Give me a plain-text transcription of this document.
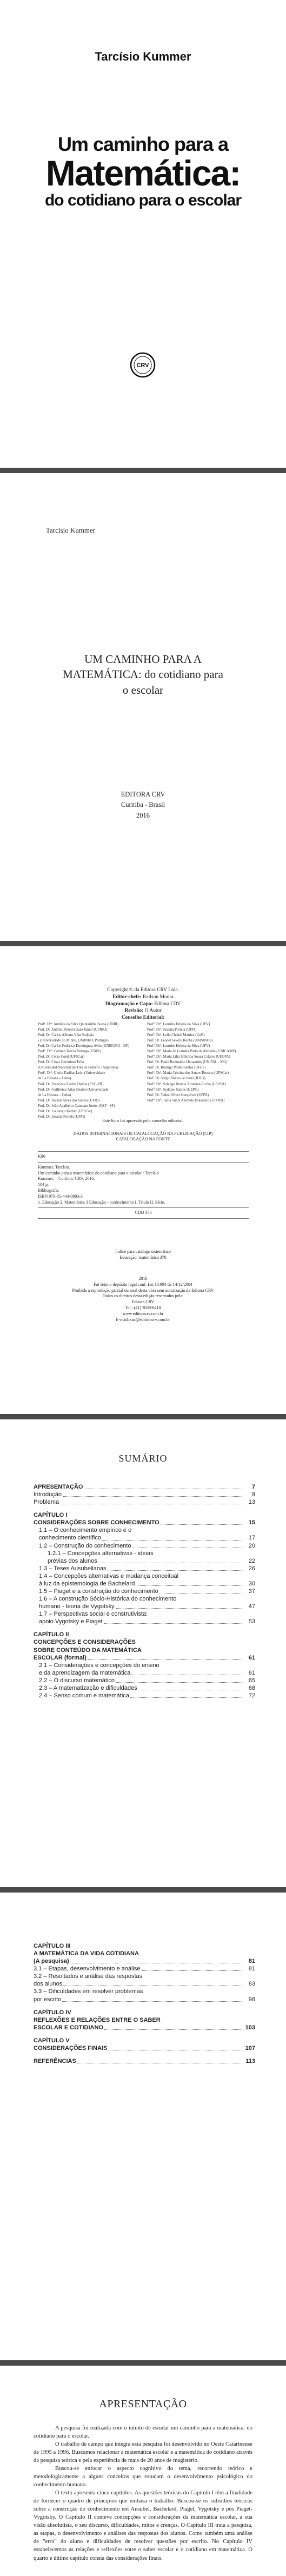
Tarcísio Kummer
Um caminho para a
Matemática:
do cotidiano para o escolar
CRV
Tarcísio Kummer
UM CAMINHO PARA A
MATEMÁTICA: do cotidiano para
o escolar
EDITORA CRV
Curitiba - Brasil
2016
Copyright © da Editora CRV Ltda.
Editor-chefe: Railson Moura
Diagramação e Capa: Editora CRV
Revisão: O Autor
Conselho Editorial:
Profª. Drª. Andréia da Silva Quintanilha Sousa (UNIR)
Prof. Dr. Antônio Pereira Gaio Júnior (UFRRJ)
Prof. Dr. Carlos Alberto Vilar Estêvão
- (Universidade do Minho, UMINHO, Portugal)
Prof. Dr. Carlos Federico Dominguez Avila (UNIEURO - DF)
Profª. Drª. Carmen Tereza Velanga (UNIR)
Prof. Dr. Celso Conti (UFSCar)
Prof. Dr. Cesar Gerónimo Tello
(Universidad Nacional de Três de Febrero - Argentina)
Profª. Drª. Gloria Fariñas León (Universidade
de La Havana – Cuba)
Prof. Dr. Francisco Carlos Duarte (PUC-PR)
Prof. Dr. Guillermo Arias Beatón (Universidade
de La Havana – Cuba)
Prof. Dr. Jailson Alves dos Santos (UFRJ)
Prof. Dr. João Adalberto Campato Junior (FAP - SP)
Prof. Dr. Lourenço Kerber (UFSCar)
Prof. Dr. Josania Portela (UFPI)
Profª. Drª. Lourdes Helena da Silva (UFV)
Profª. Drª. Josania Portela (UFPI)
Profª. Drª. Leila Chalub Martins (UnB)
Prof. Dr. Leonel Severo Rocha (UNISINOS)
Profª. Drª. Lourdes Helena da Silva (UFV)
Profª. Drª. Maria de Lourdes Pinto de Almeida (UNICAMP)
Profª. Drª. Maria Lília Imbiriba Sousa Colares (UFOPA)
Prof. Dr. Paulo Romualdo Hernandes (UNIFAL - MG)
Prof. Dr. Rodrigo Pratte-Santos (UFES)
Profª. Drª. Maria Cristina dos Santos Bezerra (UFSCar)
Prof. Dr. Sérgio Nunes de Jesus (IFRO)
Profª. Drª. Solange Helena Ximenes-Rocha (UFOPA)
Profª. Drª. Sydione Santos (UEPG)
Prof. Dr. Tadeu Oliver Gonçalves (UFPA)
Profª. Drª. Tania Suely Azevedo Brasileiro (UFOPA)
Este livro foi aprovado pelo conselho editorial.
DADOS INTERNACIONAIS DE CATALOGAÇÃO NA PUBLICAÇÃO (CIP)
CATALOGAÇÃO NA FONTE
K96
Kummer, Tarcísio.
Um caminho para a matemática: do cotidiano para o escolar / Tarcísio
Kummer. – Curitiba: CRV, 2016.
104 p.
Bibliografia
ISBN 978-85-444-0983-3
1. Educação 2. Matemática 3 Educação - conhecimento I. Título II. Série.
CDD 370
Índice para catálogo sistemático
Educação: matemática 370
2016
Foi feito o depósito legal conf. Lei 10.994 de 14/12/2004
Proibida a reprodução parcial ou total desta obra sem autorização da Editora CRV
Todos os direitos desta edição reservados pela:
Editora CRV
Tel.: (41) 3039-6418
www.editoracrv.com.br
E-mail: sac@editoracrv.com.br
SUMÁRIO
APRESENTAÇÃO	7
Introdução	9
Problema	13
CAPÍTULO I
CONSIDERAÇÕES SOBRE CONHECIMENTO	15
1.1 – O conhecimento empírico e o
conhecimento científico	17
1.2 – Construção do conhecimento	20
1.2.1 – Concepções alternativas - ideias
prévias dos alunos	22
1.3 – Teses Ausubelianas	26
1.4 – Concepções alternativas e mudança conceitual
à luz da epistemologia de Bachelard	30
1.5 – Piaget e a construção do conhecimento	37
1.6 – A construção Sócio-Histórica do conhecimento
humano - teoria de Vygotsky	47
1.7 – Perspectivas social e construtivista:
apoio Vygotsky e Piaget	53
CAPÍTULO II
CONCEPÇÕES E CONSIDERAÇÕES
SOBRE CONTEÚDO DA MATEMÁTICA
ESCOLAR (formal)	61
2.1 – Considerações e concepções do ensino
e da aprendizagem da matemática	61
2.2 – O discurso matemático	65
2.3 – A matematização e dificuldades	68
2.4 – Senso comum e matemática	72
CAPÍTULO III
A MATEMÁTICA DA VIDA COTIDIANA
(A pesquisa)	81
3.1 – Etapas, desenvolvimento e análise	81
3.2 – Resultados e análise das respostas
dos alunos	83
3.3 – Dificuldades em resolver problemas
por escrito	98
CAPÍTULO IV
REFLEXÕES E RELAÇÕES ENTRE O SABER
ESCOLAR E COTIDIANO	103
CAPÍTULO V
CONSIDERAÇÕES FINAIS	107
REFERÊNCIAS	113
APRESENTAÇÃO

A pesquisa foi realizada com o intuito de estudar um caminho para a matemática: do cotidiano para o escolar.

O trabalho de campo que integra esta pesquisa foi desenvolvido no Oeste Catarinense de 1995 a 1996. Buscamos relacionar a matemática escolar e a matemática do cotidiano através da pesquisa teórica e pela experiência de mais de 20 anos de magistério.

Buscou-se enfocar o aspecto cognitivo do tema, recorrendo teórico e metodologicamente a alguns conceitos que estudam o desenvolvimento psicológico do conhecimento humano.

O texto apresenta cinco capítulos. As questões teóricas do Capítulo I têm a finalidade de fornecer o quadro de princípios que embasa o trabalho. Buscou-se os subsídios teóricos sobre a construção do conhecimento em Ausubel, Bachelard, Piaget, Vygotsky e pós Piaget-Vygotsky. O Capítulo II conteve concepções e considerações da matemática escolar, a sua visão absolutista, o seu discurso, dificuldades, mitos e crenças. O Capítulo III trata a pesquisa, as etapas, o desenvolvimento e análises das respostas dos alunos. Como também uma análise de "erro" do aluno e dificuldades de resolver questões por escrito. No Capítulo IV estabelecemos as relações e reflexões entre o saber escolar e o cotidiano em matemática. O quarto e último capítulo consta das considerações finais.
